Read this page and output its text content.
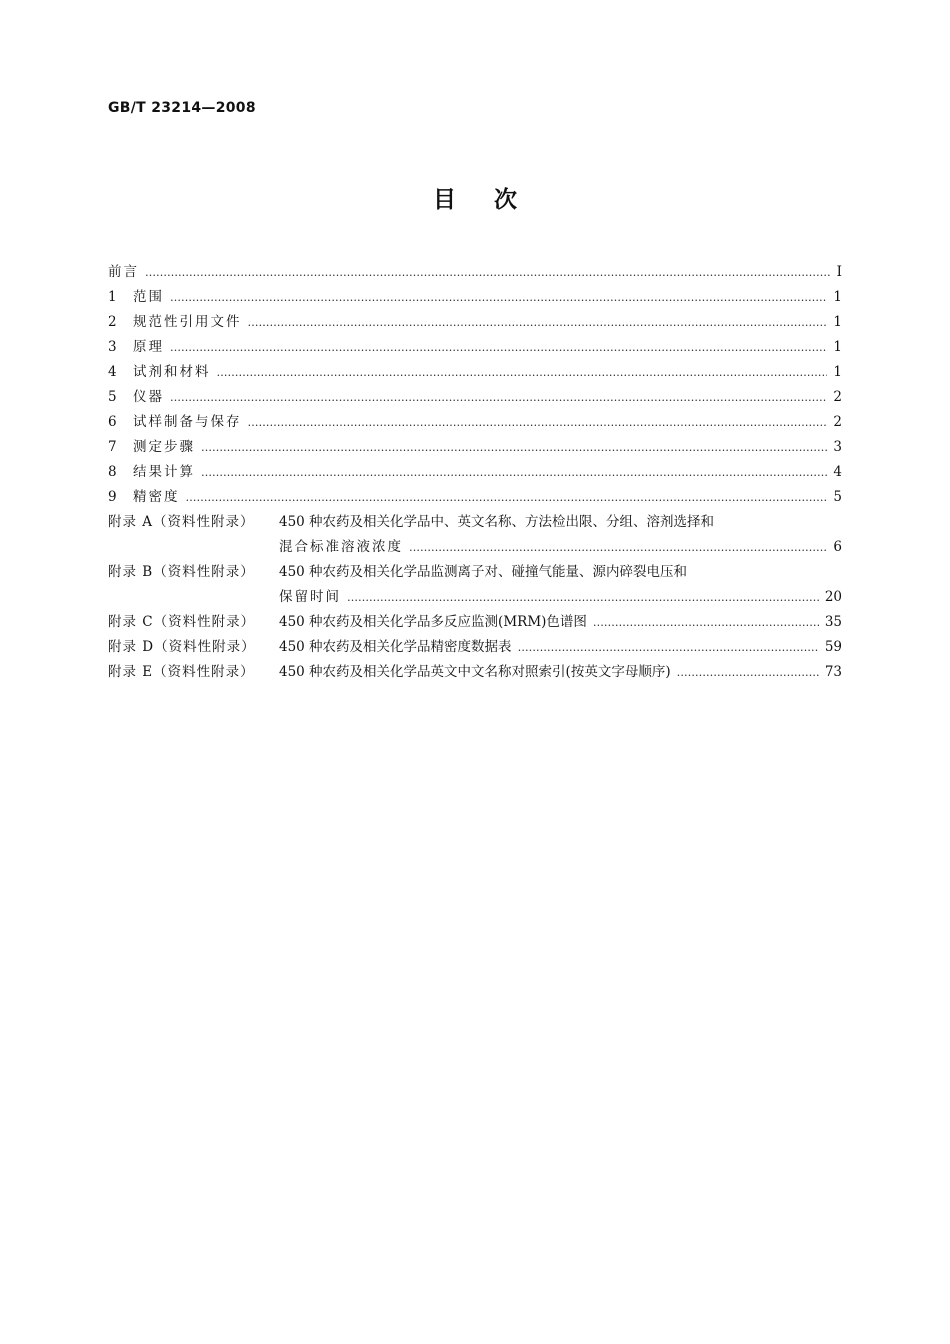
GB/T 23214—2008
目次
前言 …………………………………………………………………………………………………………………………………………………………………………………………	Ⅰ
1	范围 …………………………………………………………………………………………………………………………………………………………………………………………	1
2	规范性引用文件 …………………………………………………………………………………………………………………………………………………………………………………………	1
3	原理 …………………………………………………………………………………………………………………………………………………………………………………………	1
4	试剂和材料 …………………………………………………………………………………………………………………………………………………………………………………………	1
5	仪器 …………………………………………………………………………………………………………………………………………………………………………………………	2
6	试样制备与保存 …………………………………………………………………………………………………………………………………………………………………………………………	2
7	测定步骤 …………………………………………………………………………………………………………………………………………………………………………………………	3
8	结果计算 …………………………………………………………………………………………………………………………………………………………………………………………	4
9	精密度 …………………………………………………………………………………………………………………………………………………………………………………………	5
附录 A（资料性附录）	450 种农药及相关化学品中、英文名称、方法检出限、分组、溶剂选择和
混合标准溶液浓度 …………………………………………………………………………………………………………………………………………………………………………………………	6
附录 B（资料性附录）	450 种农药及相关化学品监测离子对、碰撞气能量、源内碎裂电压和
保留时间 …………………………………………………………………………………………………………………………………………………………………………………………	20
附录 C（资料性附录）	450 种农药及相关化学品多反应监测(MRM)色谱图 …………………………………………………………………………………………………………………………………………………………………………………………	35
附录 D（资料性附录）	450 种农药及相关化学品精密度数据表 …………………………………………………………………………………………………………………………………………………………………………………………	59
附录 E（资料性附录）	450 种农药及相关化学品英文中文名称对照索引(按英文字母顺序) …………………………………………………………………………………………………………………………………………………………………………………………	73
